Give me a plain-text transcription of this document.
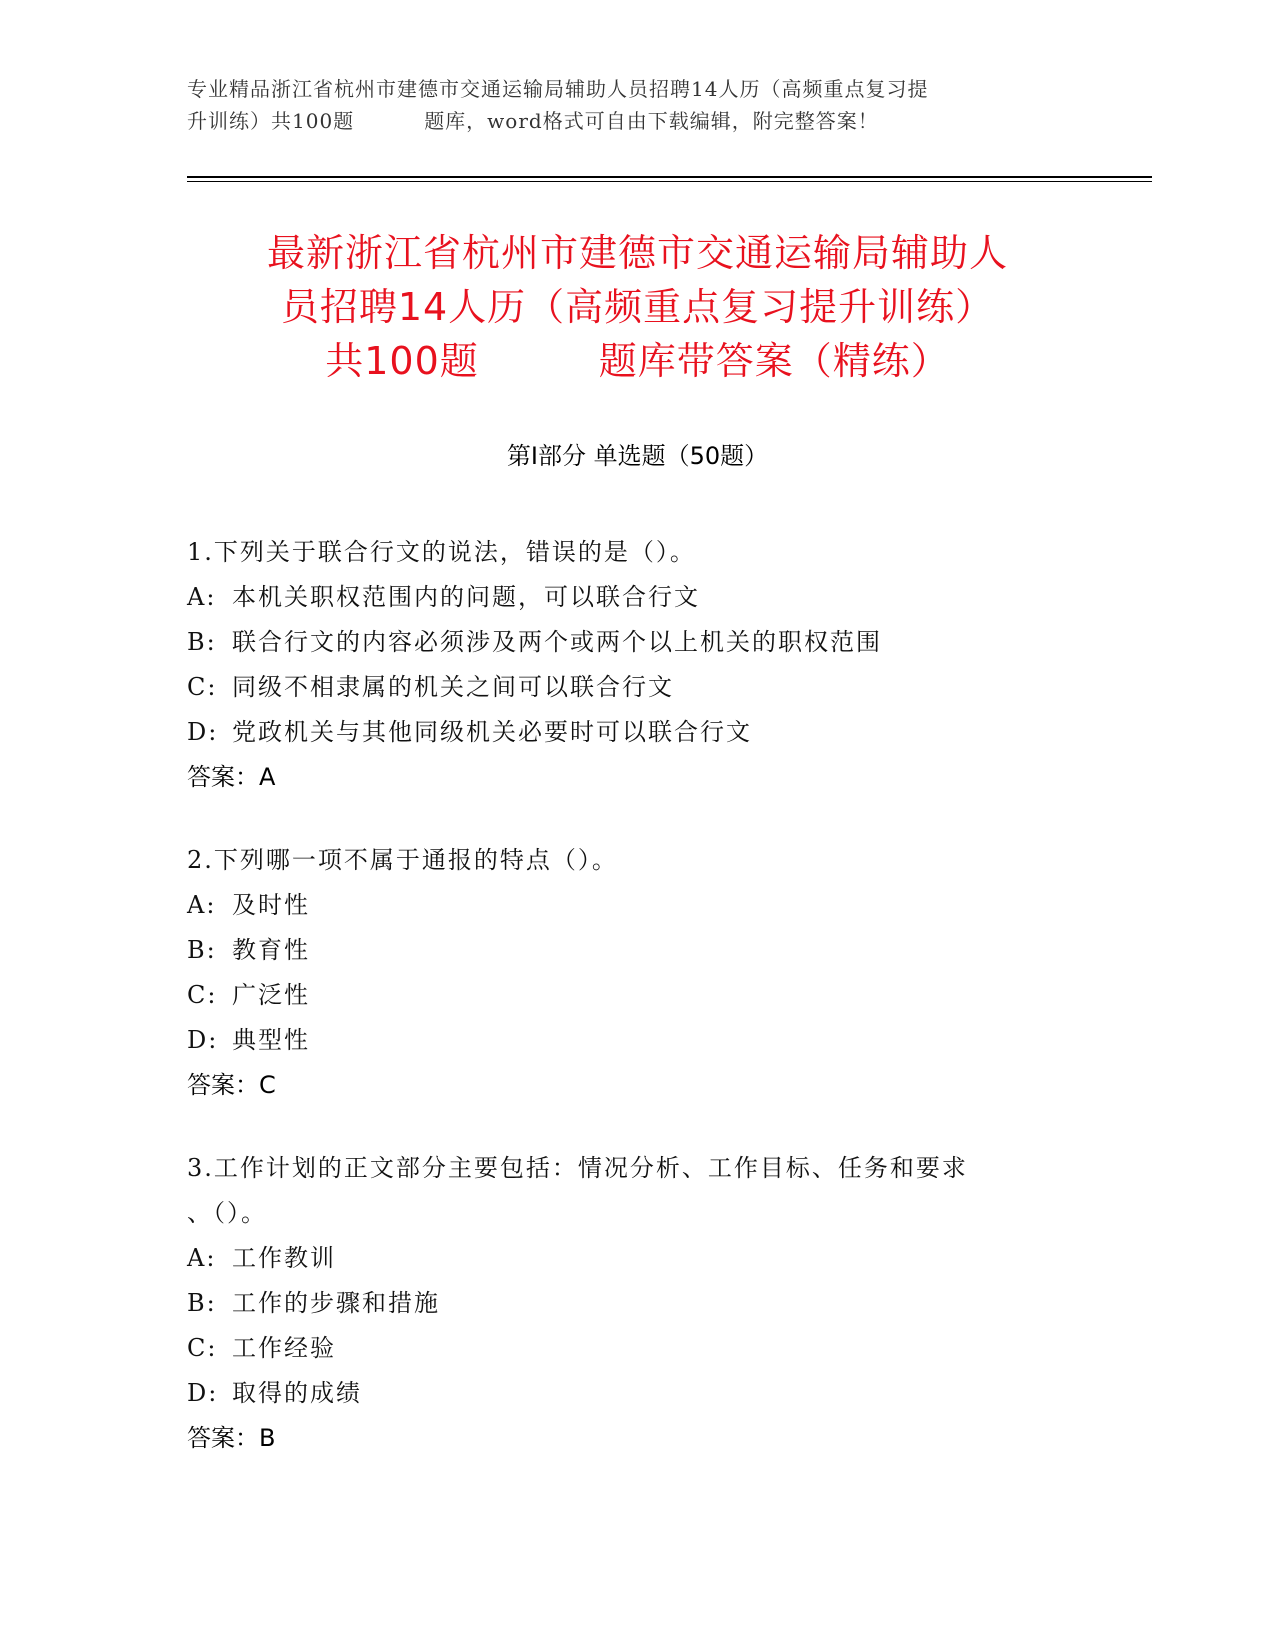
专业精品浙江省杭州市建德市交通运输局辅助人员招聘14人历（高频重点复习提
升训练）共100题	题库，word格式可自由下载编辑，附完整答案！
最新浙江省杭州市建德市交通运输局辅助人
员招聘14人历（高频重点复习提升训练）
共100题	题库带答案（精练）
第Ⅰ部分 单选题（50题）
1.下列关于联合行文的说法，错误的是（）。
A: 本机关职权范围内的问题，可以联合行文
B: 联合行文的内容必须涉及两个或两个以上机关的职权范围
C: 同级不相隶属的机关之间可以联合行文
D: 党政机关与其他同级机关必要时可以联合行文
答案：A
2.下列哪一项不属于通报的特点（）。
A: 及时性
B: 教育性
C: 广泛性
D: 典型性
答案：C
3.工作计划的正文部分主要包括：情况分析、工作目标、任务和要求
、（）。
A: 工作教训
B: 工作的步骤和措施
C: 工作经验
D: 取得的成绩
答案：B
